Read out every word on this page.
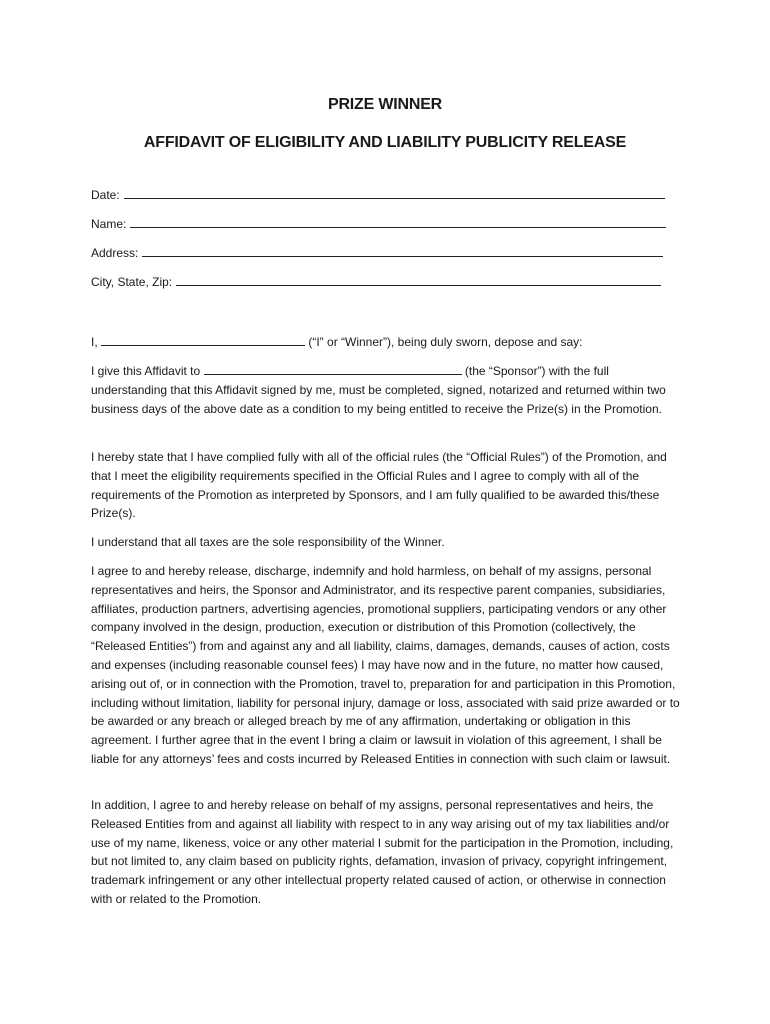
PRIZE WINNER
AFFIDAVIT OF ELIGIBILITY AND LIABILITY PUBLICITY RELEASE
Date:
Name:
Address:
City, State, Zip:
I,	(“I” or “Winner”), being duly sworn, depose and say:
I give this Affidavit to	(the “Sponsor”) with the full understanding that this Affidavit signed by me, must be completed, signed, notarized and returned within two business days of the above date as a condition to my being entitled to receive the Prize(s) in the Promotion.
I hereby state that I have complied fully with all of the official rules (the “Official Rules”) of the Promotion, and that I meet the eligibility requirements specified in the Official Rules and I agree to comply with all of the requirements of the Promotion as interpreted by Sponsors, and I am fully qualified to be awarded this/these Prize(s).
I understand that all taxes are the sole responsibility of the Winner.
I agree to and hereby release, discharge, indemnify and hold harmless, on behalf of my assigns, personal representatives and heirs, the Sponsor and Administrator, and its respective parent companies, subsidiaries, affiliates, production partners, advertising agencies, promotional suppliers, participating vendors or any other company involved in the design, production, execution or distribution of this Promotion (collectively, the “Released Entities”) from and against any and all liability, claims, damages, demands, causes of action, costs and expenses (including reasonable counsel fees) I may have now and in the future, no matter how caused, arising out of, or in connection with the Promotion, travel to, preparation for and participation in this Promotion, including without limitation, liability for personal injury, damage or loss, associated with said prize awarded or to be awarded or any breach or alleged breach by me of any affirmation, undertaking or obligation in this agreement. I further agree that in the event I bring a claim or lawsuit in violation of this agreement, I shall be liable for any attorneys’ fees and costs incurred by Released Entities in connection with such claim or lawsuit.
In addition, I agree to and hereby release on behalf of my assigns, personal representatives and heirs, the Released Entities from and against all liability with respect to in any way arising out of my tax liabilities and/or use of my name, likeness, voice or any other material I submit for the participation in the Promotion, including, but not limited to, any claim based on publicity rights, defamation, invasion of privacy, copyright infringement, trademark infringement or any other intellectual property related caused of action, or otherwise in connection with or related to the Promotion.
